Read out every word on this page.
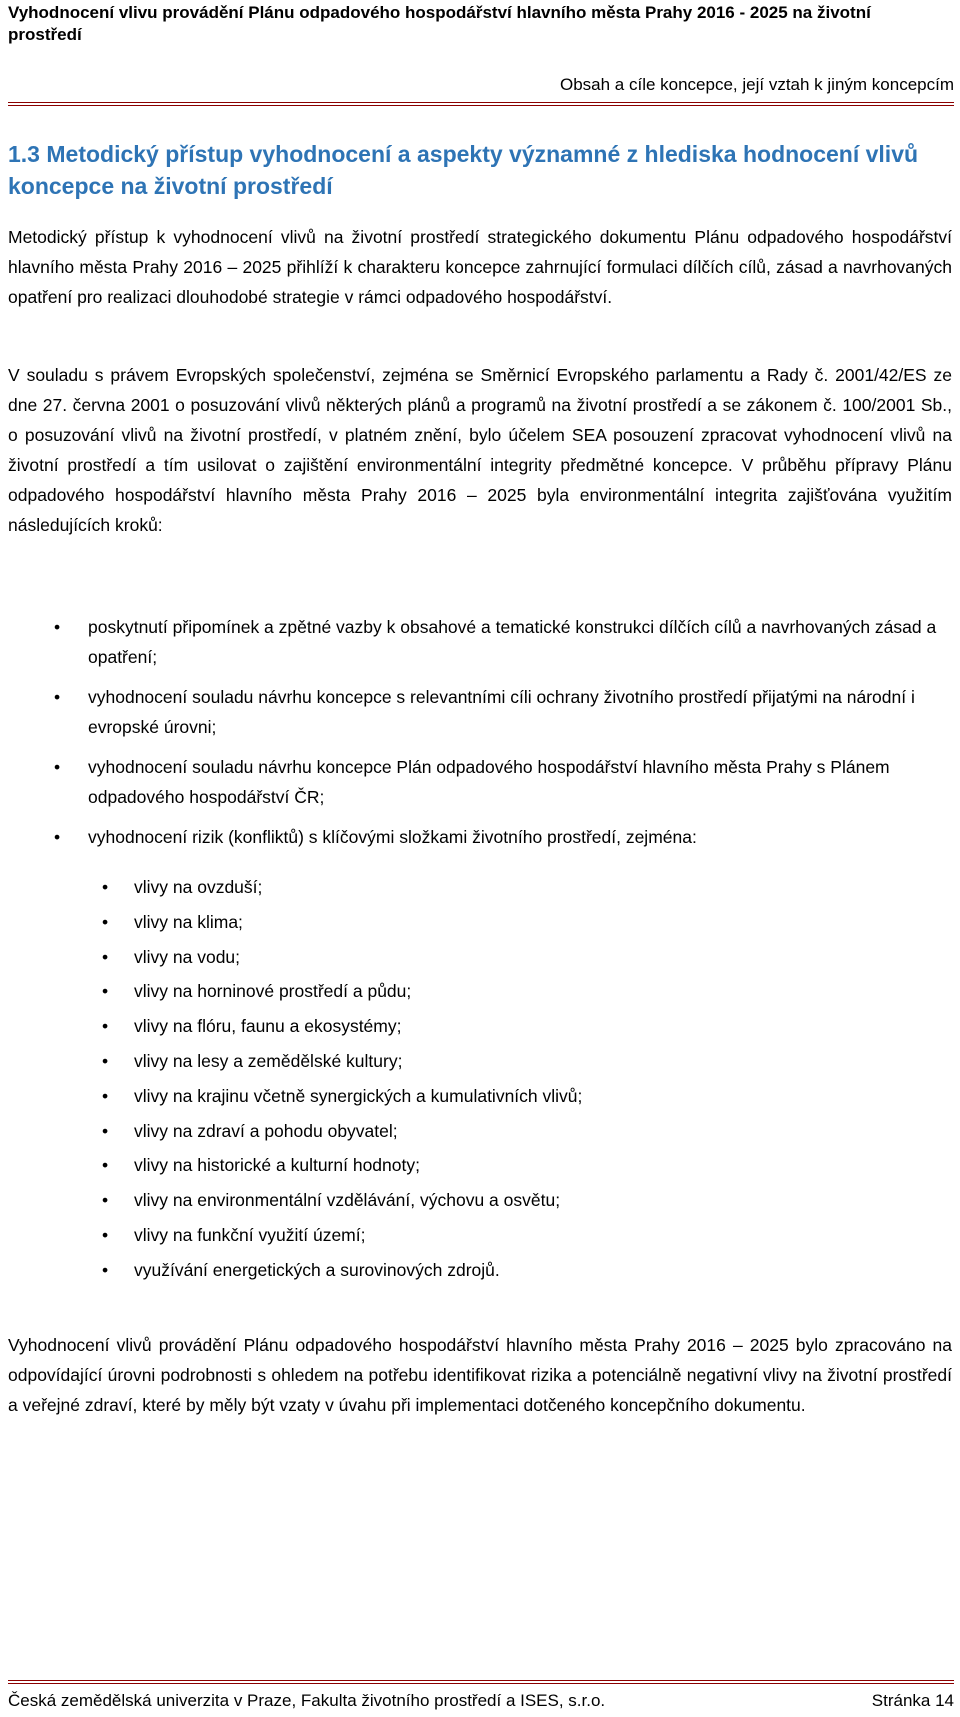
Vyhodnocení vlivu provádění Plánu odpadového hospodářství hlavního města Prahy 2016 - 2025 na životní prostředí
Obsah a cíle koncepce, její vztah k jiným koncepcím
1.3 Metodický přístup vyhodnocení a aspekty významné z hlediska hodnocení vlivů koncepce na životní prostředí

Metodický přístup k vyhodnocení vlivů na životní prostředí strategického dokumentu Plánu odpadového hospodářství hlavního města Prahy 2016 – 2025 přihlíží k charakteru koncepce zahrnující formulaci dílčích cílů, zásad a navrhovaných opatření pro realizaci dlouhodobé strategie v rámci odpadového hospodářství.

V souladu s právem Evropských společenství, zejména se Směrnicí Evropského parlamentu a Rady č. 2001/42/ES ze dne 27. června 2001 o posuzování vlivů některých plánů a programů na životní prostředí a se zákonem č. 100/2001 Sb., o posuzování vlivů na životní prostředí, v platném znění, bylo účelem SEA posouzení zpracovat vyhodnocení vlivů na životní prostředí a tím usilovat o zajištění environmentální integrity předmětné koncepce. V průběhu přípravy Plánu odpadového hospodářství hlavního města Prahy 2016 – 2025 byla environmentální integrita zajišťována využitím následujících kroků:

• poskytnutí připomínek a zpětné vazby k obsahové a tematické konstrukci dílčích cílů a navrhovaných zásad a opatření;
• vyhodnocení souladu návrhu koncepce s relevantními cíli ochrany životního prostředí přijatými na národní i evropské úrovni;
• vyhodnocení souladu návrhu koncepce Plán odpadového hospodářství hlavního města Prahy s Plánem odpadového hospodářství ČR;
• vyhodnocení rizik (konfliktů) s klíčovými složkami životního prostředí, zejména:
• vlivy na ovzduší;
• vlivy na klima;
• vlivy na vodu;
• vlivy na horninové prostředí a půdu;
• vlivy na flóru, faunu a ekosystémy;
• vlivy na lesy a zemědělské kultury;
• vlivy na krajinu včetně synergických a kumulativních vlivů;
• vlivy na zdraví a pohodu obyvatel;
• vlivy na historické a kulturní hodnoty;
• vlivy na environmentální vzdělávání, výchovu a osvětu;
• vlivy na funkční využití území;
• využívání energetických a surovinových zdrojů.

Vyhodnocení vlivů provádění Plánu odpadového hospodářství hlavního města Prahy 2016 – 2025 bylo zpracováno na odpovídající úrovni podrobnosti s ohledem na potřebu identifikovat rizika a potenciálně negativní vlivy na životní prostředí a veřejné zdraví, které by měly být vzaty v úvahu při implementaci dotčeného koncepčního dokumentu.

Česká zemědělská univerzita v Praze, Fakulta životního prostředí a ISES, s.r.o.	Stránka 14
